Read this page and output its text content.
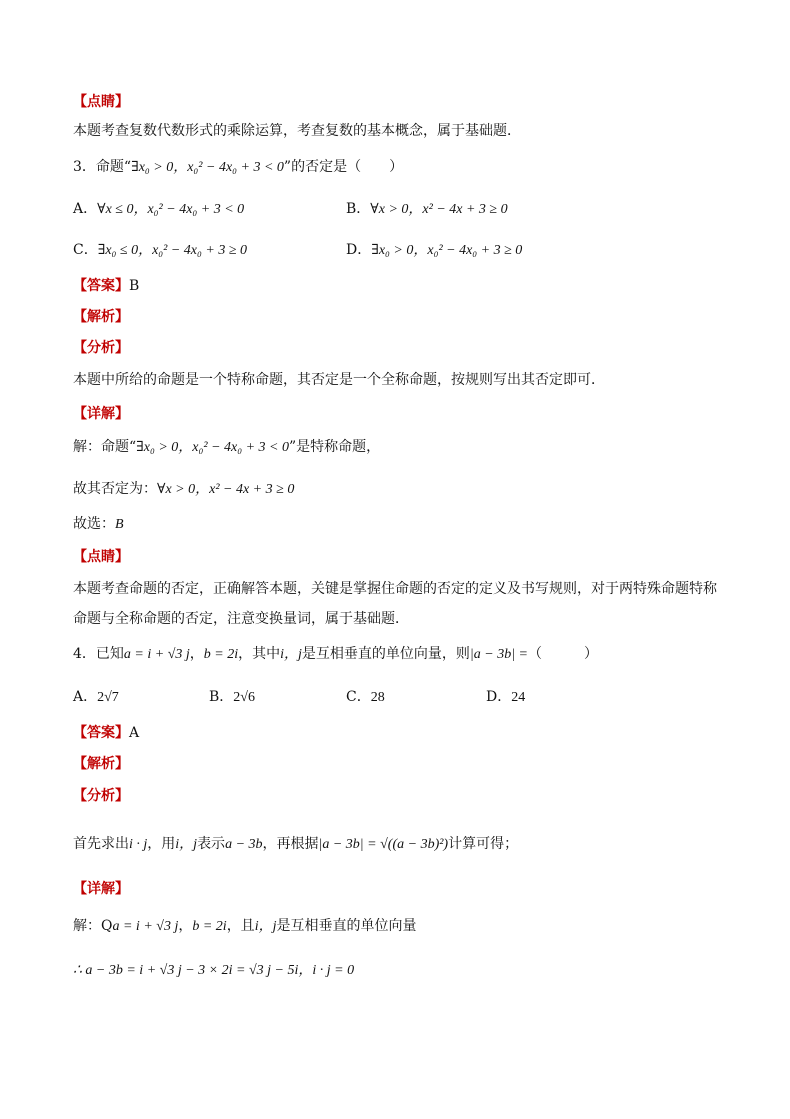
【点睛】
本题考查复数代数形式的乘除运算，考查复数的基本概念，属于基础题．
3．命题“∃x₀ > 0，x₀² − 4x₀ + 3 < 0”的否定是（　　）
A．∀x ≤ 0，x₀² − 4x₀ + 3 < 0	B．∀x > 0，x² − 4x + 3 ≥ 0
C．∃x₀ ≤ 0，x₀² − 4x₀ + 3 ≥ 0	D．∃x₀ > 0，x₀² − 4x₀ + 3 ≥ 0
【答案】B
【解析】
【分析】
本题中所给的命题是一个特称命题，其否定是一个全称命题，按规则写出其否定即可．
【详解】
解：命题“∃x₀ > 0，x₀² − 4x₀ + 3 < 0”是特称命题，
故其否定为：∀x > 0，x² − 4x + 3 ≥ 0
故选：B
【点睛】
本题考查命题的否定，正确解答本题，关键是掌握住命题的否定的定义及书写规则，对于两特殊命题特称
命题与全称命题的否定，注意变换量词，属于基础题．
4．已知a = i + √3 j，b = 2i，其中i，j是互相垂直的单位向量，则|a − 3b| =（　　　）
A．2√7	B．2√6	C．28	D．24
【答案】A
【解析】
【分析】
首先求出i · j，用i，j表示a − 3b，再根据|a − 3b| = √((a − 3b)²)计算可得；
【详解】
解：Qa = i + √3 j，b = 2i，且i，j是互相垂直的单位向量
∴ a − 3b = i + √3 j − 3 × 2i = √3 j − 5i，i · j = 0
